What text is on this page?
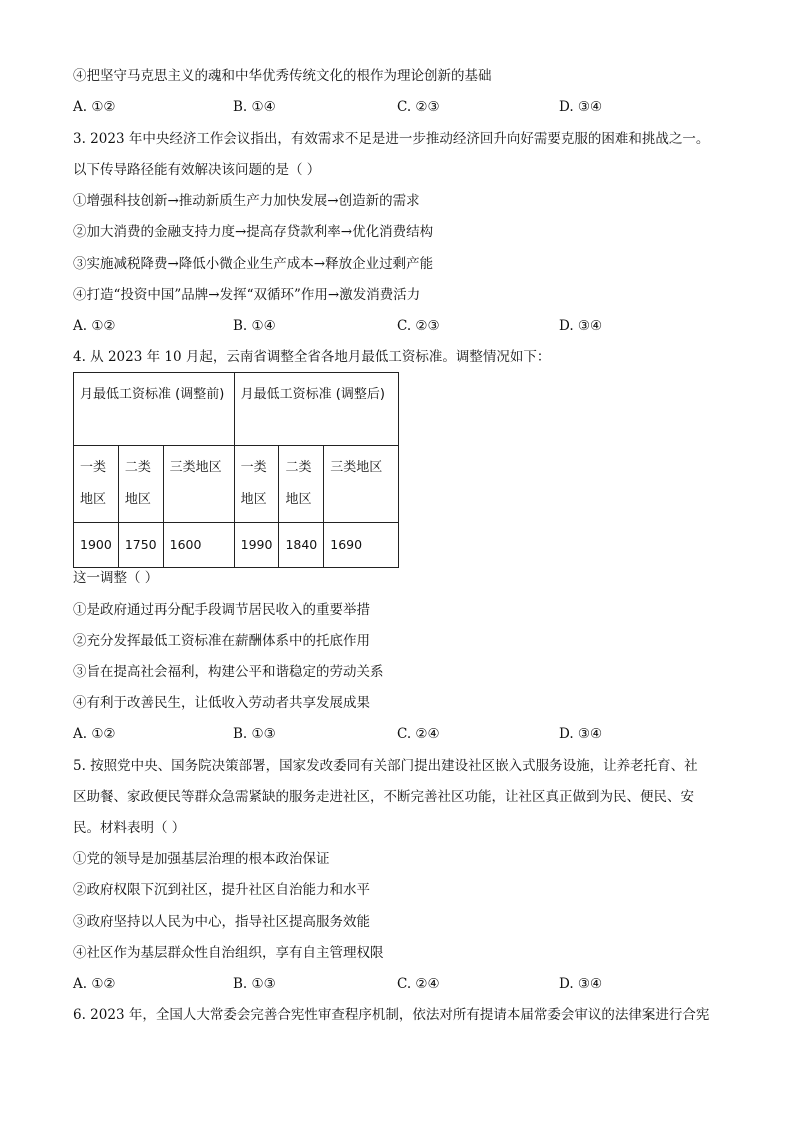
④把坚守马克思主义的魂和中华优秀传统文化的根作为理论创新的基础
A. ①②	B. ①④	C. ②③	D. ③④
3. 2023 年中央经济工作会议指出，有效需求不足是进一步推动经济回升向好需要克服的困难和挑战之一。
以下传导路径能有效解决该问题的是（ ）
①增强科技创新→推动新质生产力加快发展→创造新的需求
②加大消费的金融支持力度→提高存贷款利率→优化消费结构
③实施减税降费→降低小微企业生产成本→释放企业过剩产能
④打造“投资中国”品牌→发挥“双循环”作用→激发消费活力
A. ①②	B. ①④	C. ②③	D. ③④
4. 从 2023 年 10 月起，云南省调整全省各地月最低工资标准。调整情况如下：
月最低工资标准 (调整前)			月最低工资标准 (调整后)		
一类地区	二类地区	三类地区	一类地区	二类地区	三类地区
1900	1750	1600	1990	1840	1690
这一调整（ ）
①是政府通过再分配手段调节居民收入的重要举措
②充分发挥最低工资标准在薪酬体系中的托底作用
③旨在提高社会福利，构建公平和谐稳定的劳动关系
④有利于改善民生，让低收入劳动者共享发展成果
A. ①②	B. ①③	C. ②④	D. ③④
5. 按照党中央、国务院决策部署，国家发改委同有关部门提出建设社区嵌入式服务设施，让养老托育、社
区助餐、家政便民等群众急需紧缺的服务走进社区，不断完善社区功能，让社区真正做到为民、便民、安
民。材料表明（ ）
①党的领导是加强基层治理的根本政治保证
②政府权限下沉到社区，提升社区自治能力和水平
③政府坚持以人民为中心，指导社区提高服务效能
④社区作为基层群众性自治组织，享有自主管理权限
A. ①②	B. ①③	C. ②④	D. ③④
6. 2023 年，全国人大常委会完善合宪性审查程序机制，依法对所有提请本届常委会审议的法律案进行合宪
